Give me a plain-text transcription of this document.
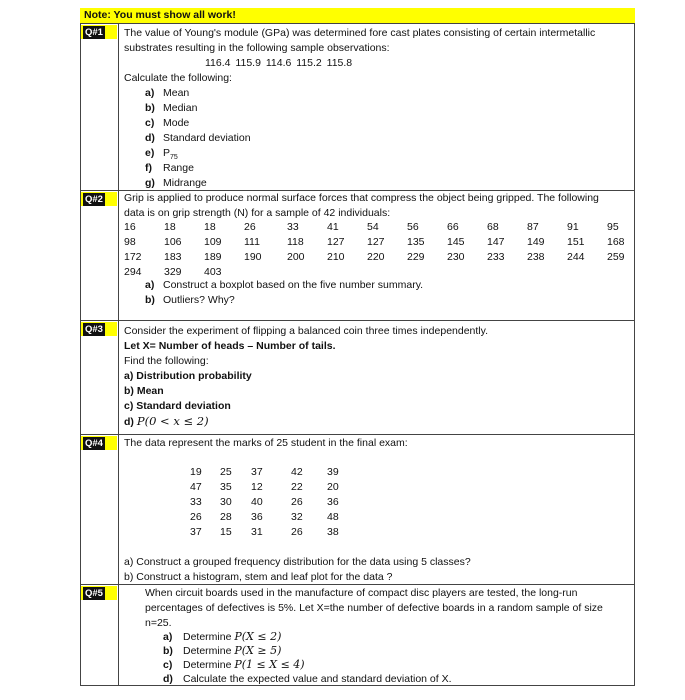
Note: You must show all work!
Q#1	The value of Young's module (GPa) was determined fore cast plates consisting of certain intermetallic
substrates resulting in the following sample observations:
116.4 115.9 114.6 115.2 115.8
Calculate the following:
a) Mean
b) Median
c) Mode
d) Standard deviation
e) $P_{75}$
f) Range
g) Midrange
Q#2	Grip is applied to produce normal surface forces that compress the object being gripped. The following
data is on grip strength (N) for a sample of 42 individuals:
16	18	18	26	33	41	54	56	66	68	87	91	95
98	106 109 111	118 127 127 135 145 147 149 151 168
172 183 189 190 200 210 220 229 230 233 238 244 259
294 329 403
a) Construct a boxplot based on the five number summary.
b) Outliers? Why?
Q#3	Consider the experiment of flipping a balanced coin three times independently.
Let X= Number of heads – Number of tails.
Find the following:
a) Distribution probability
b) Mean
c) Standard deviation
d) P(0 < x ≤ 2)
Q#4	The data represent the marks of 25 student in the final exam:
19 25 37	42 39
47 35 12	22 20
33 30 40	26 36
26 28 36	32 48
37 15 31	26 38
a) Construct a grouped frequency distribution for the data using 5 classes?
b) Construct a histogram, stem and leaf plot for the data ?
Q#5	When circuit boards used in the manufacture of compact disc players are tested, the long-run
percentages of defectives is 5%. Let X=the number of defective boards in a random sample of size
n=25.
a) Determine P(X ≤ 2)
b) Determine P(X ≥ 5)
c) Determine P(1 ≤ X ≤ 4)
d) Calculate the expected value and standard deviation of X.
